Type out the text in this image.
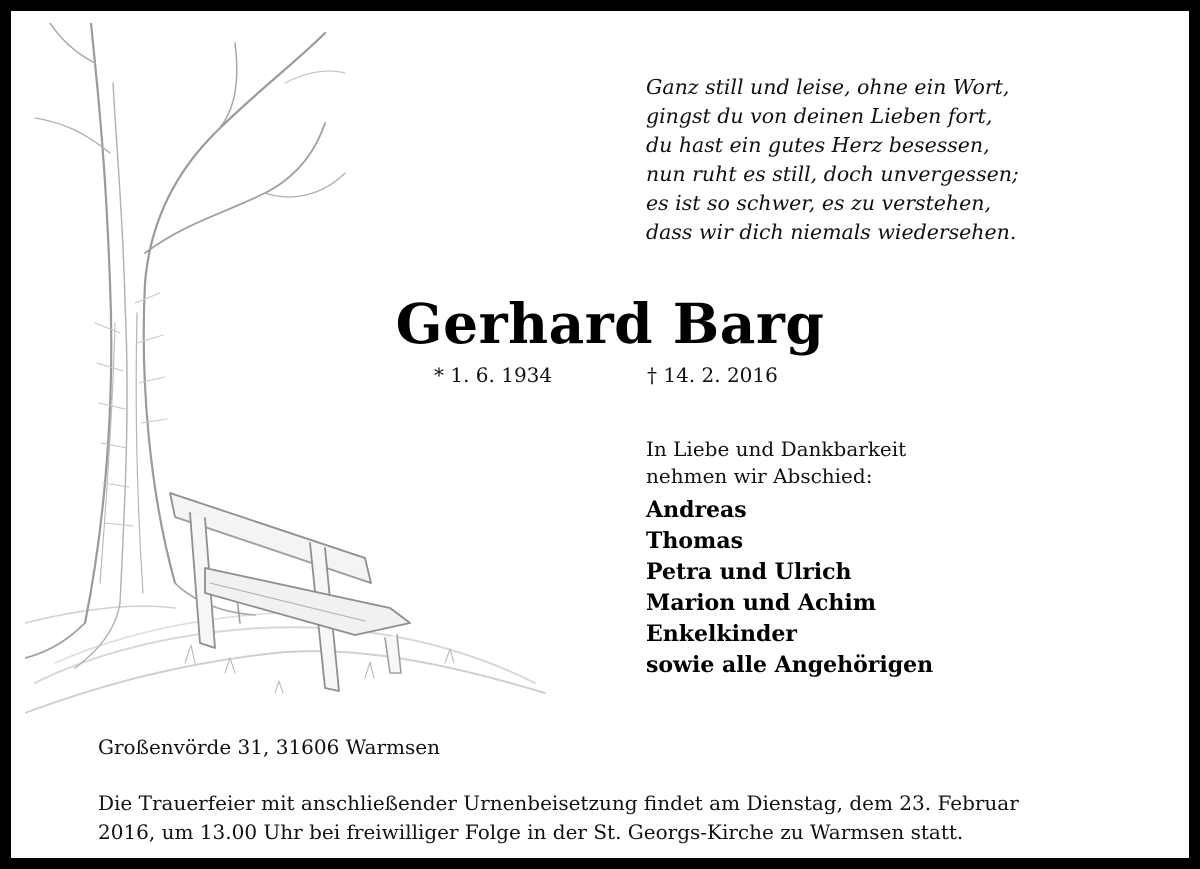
Ganz still und leise, ohne ein Wort,
gingst du von deinen Lieben fort,
du hast ein gutes Herz besessen,
nun ruht es still, doch unvergessen;
es ist so schwer, es zu verstehen,
dass wir dich niemals wiedersehen.
Gerhard Barg
* 1. 6. 1934	† 14. 2. 2016
In Liebe und Dankbarkeit
nehmen wir Abschied:
Andreas
Thomas
Petra und Ulrich
Marion und Achim
Enkelkinder
sowie alle Angehörigen
Großenvörde 31, 31606 Warmsen
Die Trauerfeier mit anschließender Urnenbeisetzung findet am Dienstag, dem 23. Februar
2016, um 13.00 Uhr bei freiwilliger Folge in der St. Georgs-Kirche zu Warmsen statt.
